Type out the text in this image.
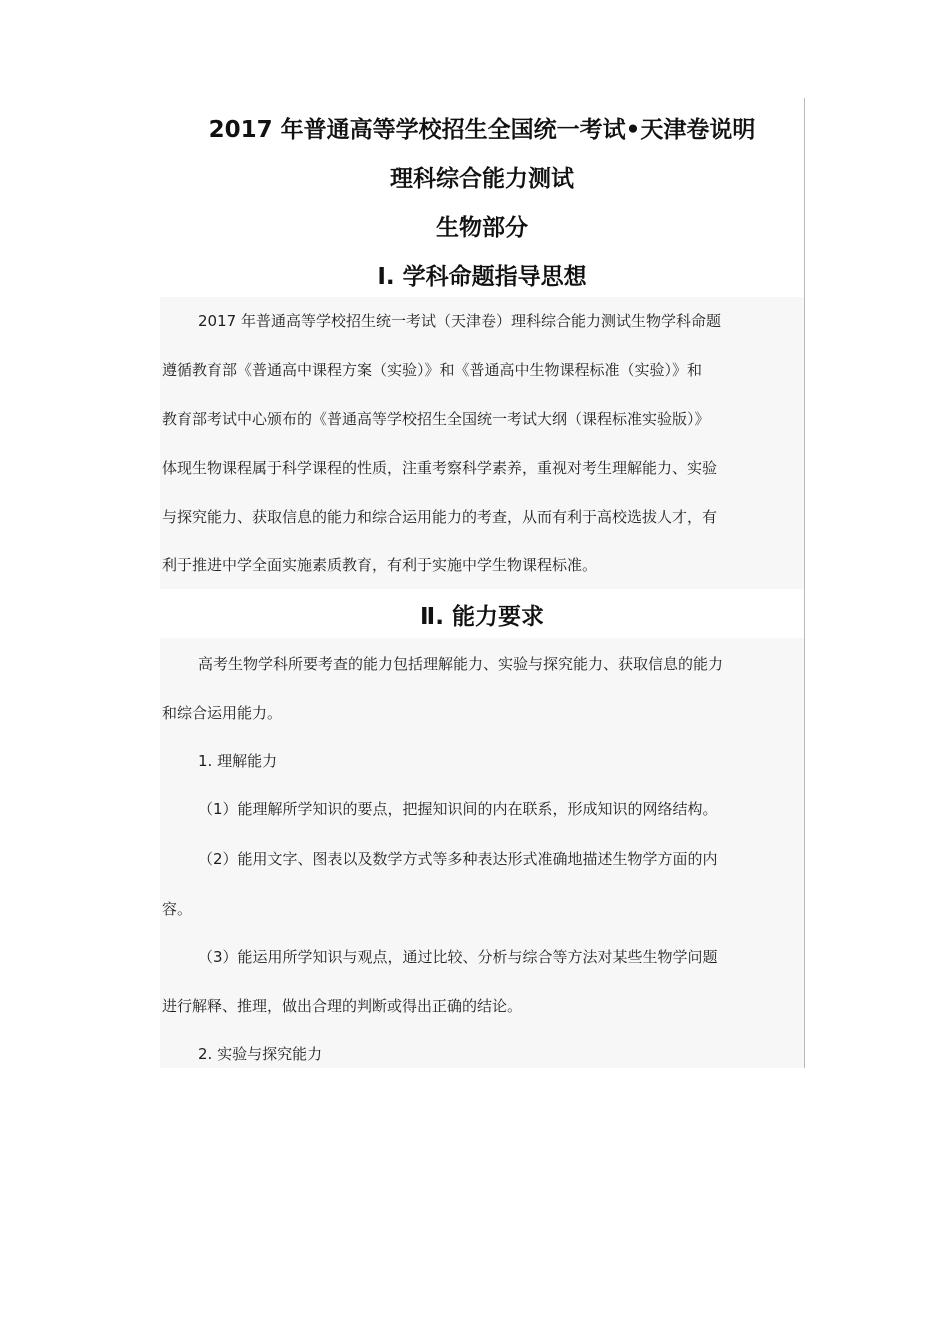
2017 年普通高等学校招生全国统一考试•天津卷说明
理科综合能力测试
生物部分
Ⅰ. 学科命题指导思想
2017 年普通高等学校招生统一考试（天津卷）理科综合能力测试生物学科命题
遵循教育部《普通高中课程方案（实验）》和《普通高中生物课程标准（实验）》和
教育部考试中心颁布的《普通高等学校招生全国统一考试大纲（课程标准实验版）》
体现生物课程属于科学课程的性质，注重考察科学素养，重视对考生理解能力、实验
与探究能力、获取信息的能力和综合运用能力的考查，从而有利于高校选拔人才，有
利于推进中学全面实施素质教育，有利于实施中学生物课程标准。
Ⅱ. 能力要求
高考生物学科所要考查的能力包括理解能力、实验与探究能力、获取信息的能力
和综合运用能力。
1. 理解能力
（1）能理解所学知识的要点，把握知识间的内在联系，形成知识的网络结构。
（2）能用文字、图表以及数学方式等多种表达形式准确地描述生物学方面的内
容。
（3）能运用所学知识与观点，通过比较、分析与综合等方法对某些生物学问题
进行解释、推理，做出合理的判断或得出正确的结论。
2. 实验与探究能力
